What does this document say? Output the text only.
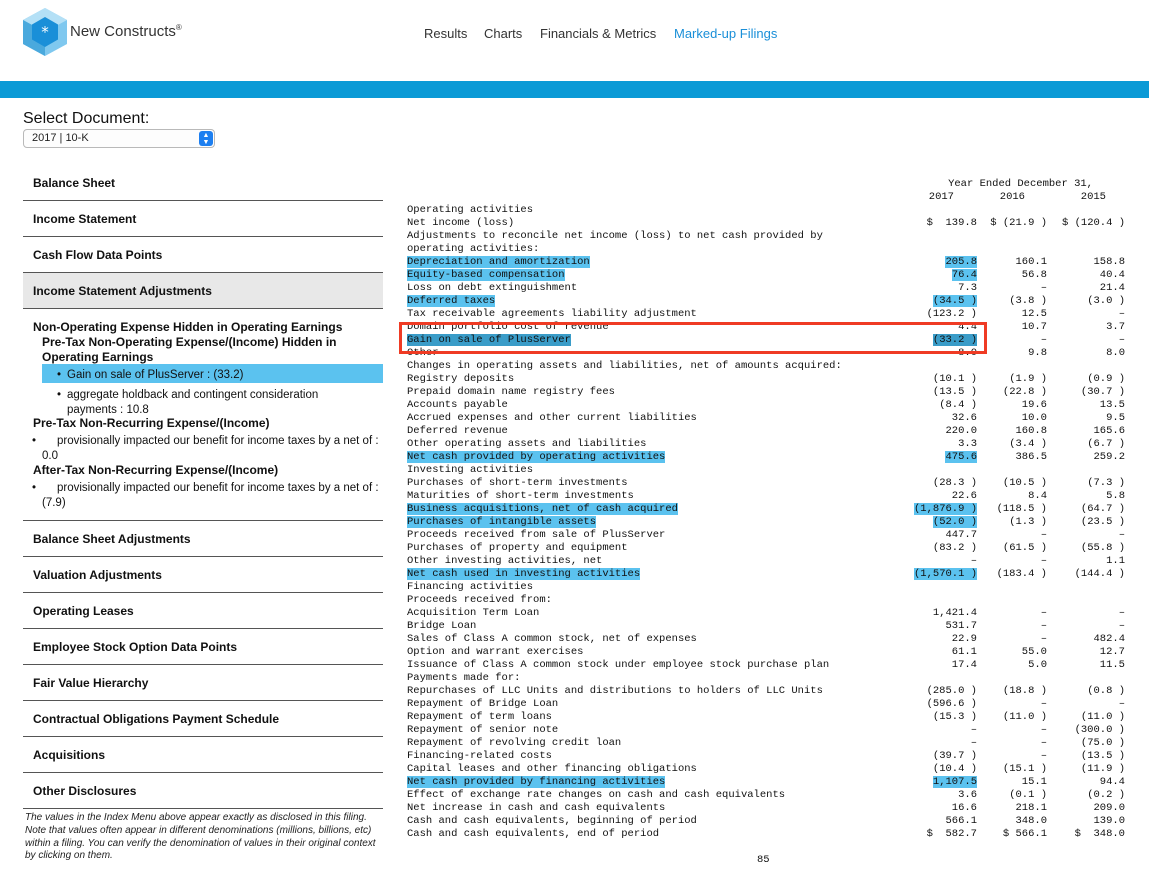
* New Constructs®	Results Charts Financials & Metrics Marked-up Filings
Select Document:
2017 | 10-K	▲
▼
Balance Sheet
Income Statement
Cash Flow Data Points
Income Statement Adjustments
Non-Operating Expense Hidden in Operating Earnings
Pre-Tax Non-Operating Expense/(Income) Hidden in Operating Earnings
• Gain on sale of PlusServer : (33.2)
• aggregate holdback and contingent consideration payments : 10.8
Pre-Tax Non-Recurring Expense/(Income)
• provisionally impacted our benefit for income taxes by a net of : 0.0
After-Tax Non-Recurring Expense/(Income)
• provisionally impacted our benefit for income taxes by a net of : (7.9)
Balance Sheet Adjustments
Valuation Adjustments
Operating Leases
Employee Stock Option Data Points
Fair Value Hierarchy
Contractual Obligations Payment Schedule
Acquisitions
Other Disclosures
The values in the Index Menu above appear exactly as disclosed in this filing. Note that values often appear in different denominations (millions, billions, etc) within a filing. You can verify the denomination of values in their original context by clicking on them.
Year Ended December 31,
2017	2016	2015
Operating activities
Net income (loss)	$  139.8 $ (21.9 ) $ (120.4 )
Adjustments to reconcile net income (loss) to net cash provided by
operating activities:
Depreciation and amortization	205.8	160.1	158.8
Equity-based compensation	76.4	56.8	40.4
Loss on debt extinguishment	7.3	–	21.4
Deferred taxes	(34.5 )	(3.8 )	(3.0 )
Tax receivable agreements liability adjustment	(123.2 )	12.5	–
Domain portfolio cost of revenue	4.4	10.7	3.7
Gain on sale of PlusServer	(33.2 )	–	–
Other	8.0	9.8	8.0
Changes in operating assets and liabilities, net of amounts acquired:
Registry deposits	(10.1 )	(1.9 )	(0.9 )
Prepaid domain name registry fees	(13.5 ) (22.8 )	(30.7 )
Accounts payable	(8.4 )	19.6	13.5
Accrued expenses and other current liabilities	32.6	10.0	9.5
Deferred revenue	220.0	160.8	165.6
Other operating assets and liabilities	3.3	(3.4 )	(6.7 )
Net cash provided by operating activities	475.6	386.5	259.2
Investing activities
Purchases of short-term investments	(28.3 ) (10.5 )	(7.3 )
Maturities of short-term investments	22.6	8.4	5.8
Business acquisitions, net of cash acquired	(1,876.9 ) (118.5 )	(64.7 )
Purchases of intangible assets	(52.0 )	(1.3 )	(23.5 )
Proceeds received from sale of PlusServer	447.7	–	–
Purchases of property and equipment	(83.2 ) (61.5 )	(55.8 )
Other investing activities, net	–	–	1.1
Net cash used in investing activities	(1,570.1 ) (183.4 )	(144.4 )
Financing activities
Proceeds received from:
Acquisition Term Loan	1,421.4	–	–
Bridge Loan	531.7	–	–
Sales of Class A common stock, net of expenses	22.9	–	482.4
Option and warrant exercises	61.1	55.0	12.7
Issuance of Class A common stock under employee stock purchase plan	17.4	5.0	11.5
Payments made for:
Repurchases of LLC Units and distributions to holders of LLC Units	(285.0 ) (18.8 )	(0.8 )
Repayment of Bridge Loan	(596.6 )	–	–
Repayment of term loans	(15.3 ) (11.0 )	(11.0 )
Repayment of senior note	–	–	(300.0 )
Repayment of revolving credit loan	–	–	(75.0 )
Financing-related costs	(39.7 )	–	(13.5 )
Capital leases and other financing obligations	(10.4 ) (15.1 )	(11.9 )
Net cash provided by financing activities	1,107.5	15.1	94.4
Effect of exchange rate changes on cash and cash equivalents	3.6	(0.1 )	(0.2 )
Net increase in cash and cash equivalents	16.6	218.1	209.0
Cash and cash equivalents, beginning of period	566.1	348.0	139.0
Cash and cash equivalents, end of period	$  582.7 $ 566.1	$  348.0
85
